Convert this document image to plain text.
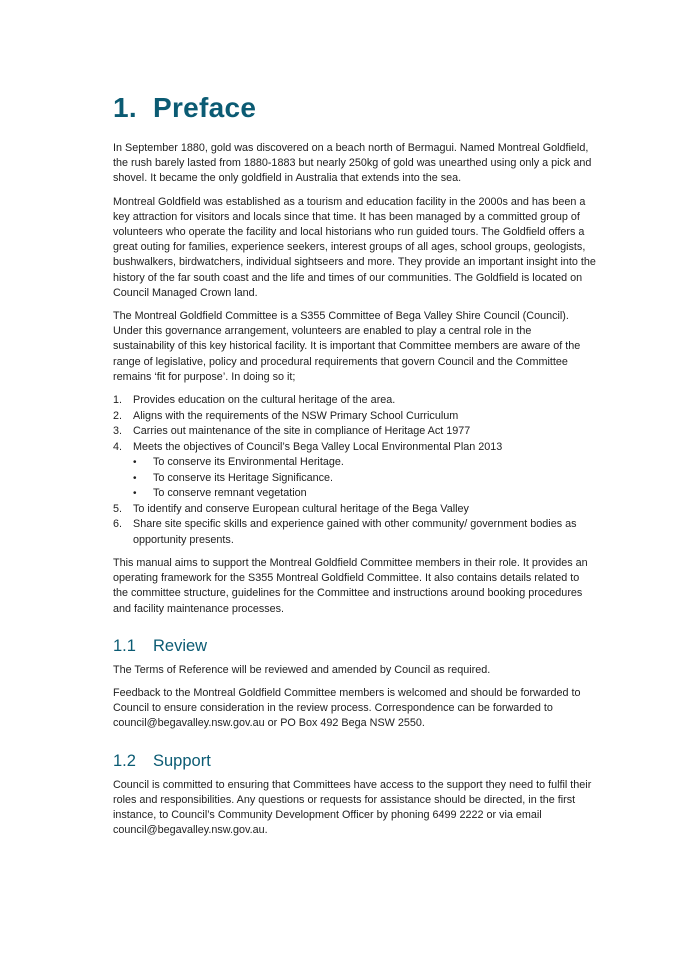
1. Preface

In September 1880, gold was discovered on a beach north of Bermagui. Named Montreal Goldfield, the rush barely lasted from 1880-1883 but nearly 250kg of gold was unearthed using only a pick and shovel. It became the only goldfield in Australia that extends into the sea.

Montreal Goldfield was established as a tourism and education facility in the 2000s and has been a key attraction for visitors and locals since that time. It has been managed by a committed group of volunteers who operate the facility and local historians who run guided tours. The Goldfield offers a great outing for families, experience seekers, interest groups of all ages, school groups, geologists, bushwalkers, birdwatchers, individual sightseers and more. They provide an important insight into the history of the far south coast and the life and times of our communities. The Goldfield is located on Council Managed Crown land.

The Montreal Goldfield Committee is a S355 Committee of Bega Valley Shire Council (Council). Under this governance arrangement, volunteers are enabled to play a central role in the sustainability of this key historical facility. It is important that Committee members are aware of the range of legislative, policy and procedural requirements that govern Council and the Committee remains ‘fit for purpose’. In doing so it;

1. Provides education on the cultural heritage of the area.
2. Aligns with the requirements of the NSW Primary School Curriculum
3. Carries out maintenance of the site in compliance of Heritage Act 1977
4. Meets the objectives of Council’s Bega Valley Local Environmental Plan 2013
• To conserve its Environmental Heritage.
• To conserve its Heritage Significance.
• To conserve remnant vegetation
5. To identify and conserve European cultural heritage of the Bega Valley
6. Share site specific skills and experience gained with other community/ government bodies as opportunity presents.

This manual aims to support the Montreal Goldfield Committee members in their role. It provides an operating framework for the S355 Montreal Goldfield Committee. It also contains details related to the committee structure, guidelines for the Committee and instructions around booking procedures and facility maintenance processes.

1.1 Review

The Terms of Reference will be reviewed and amended by Council as required.

Feedback to the Montreal Goldfield Committee members is welcomed and should be forwarded to Council to ensure consideration in the review process. Correspondence can be forwarded to council@begavalley.nsw.gov.au or PO Box 492 Bega NSW 2550.

1.2 Support

Council is committed to ensuring that Committees have access to the support they need to fulfil their roles and responsibilities. Any questions or requests for assistance should be directed, in the first instance, to Council’s Community Development Officer by phoning 6499 2222 or via email council@begavalley.nsw.gov.au.
